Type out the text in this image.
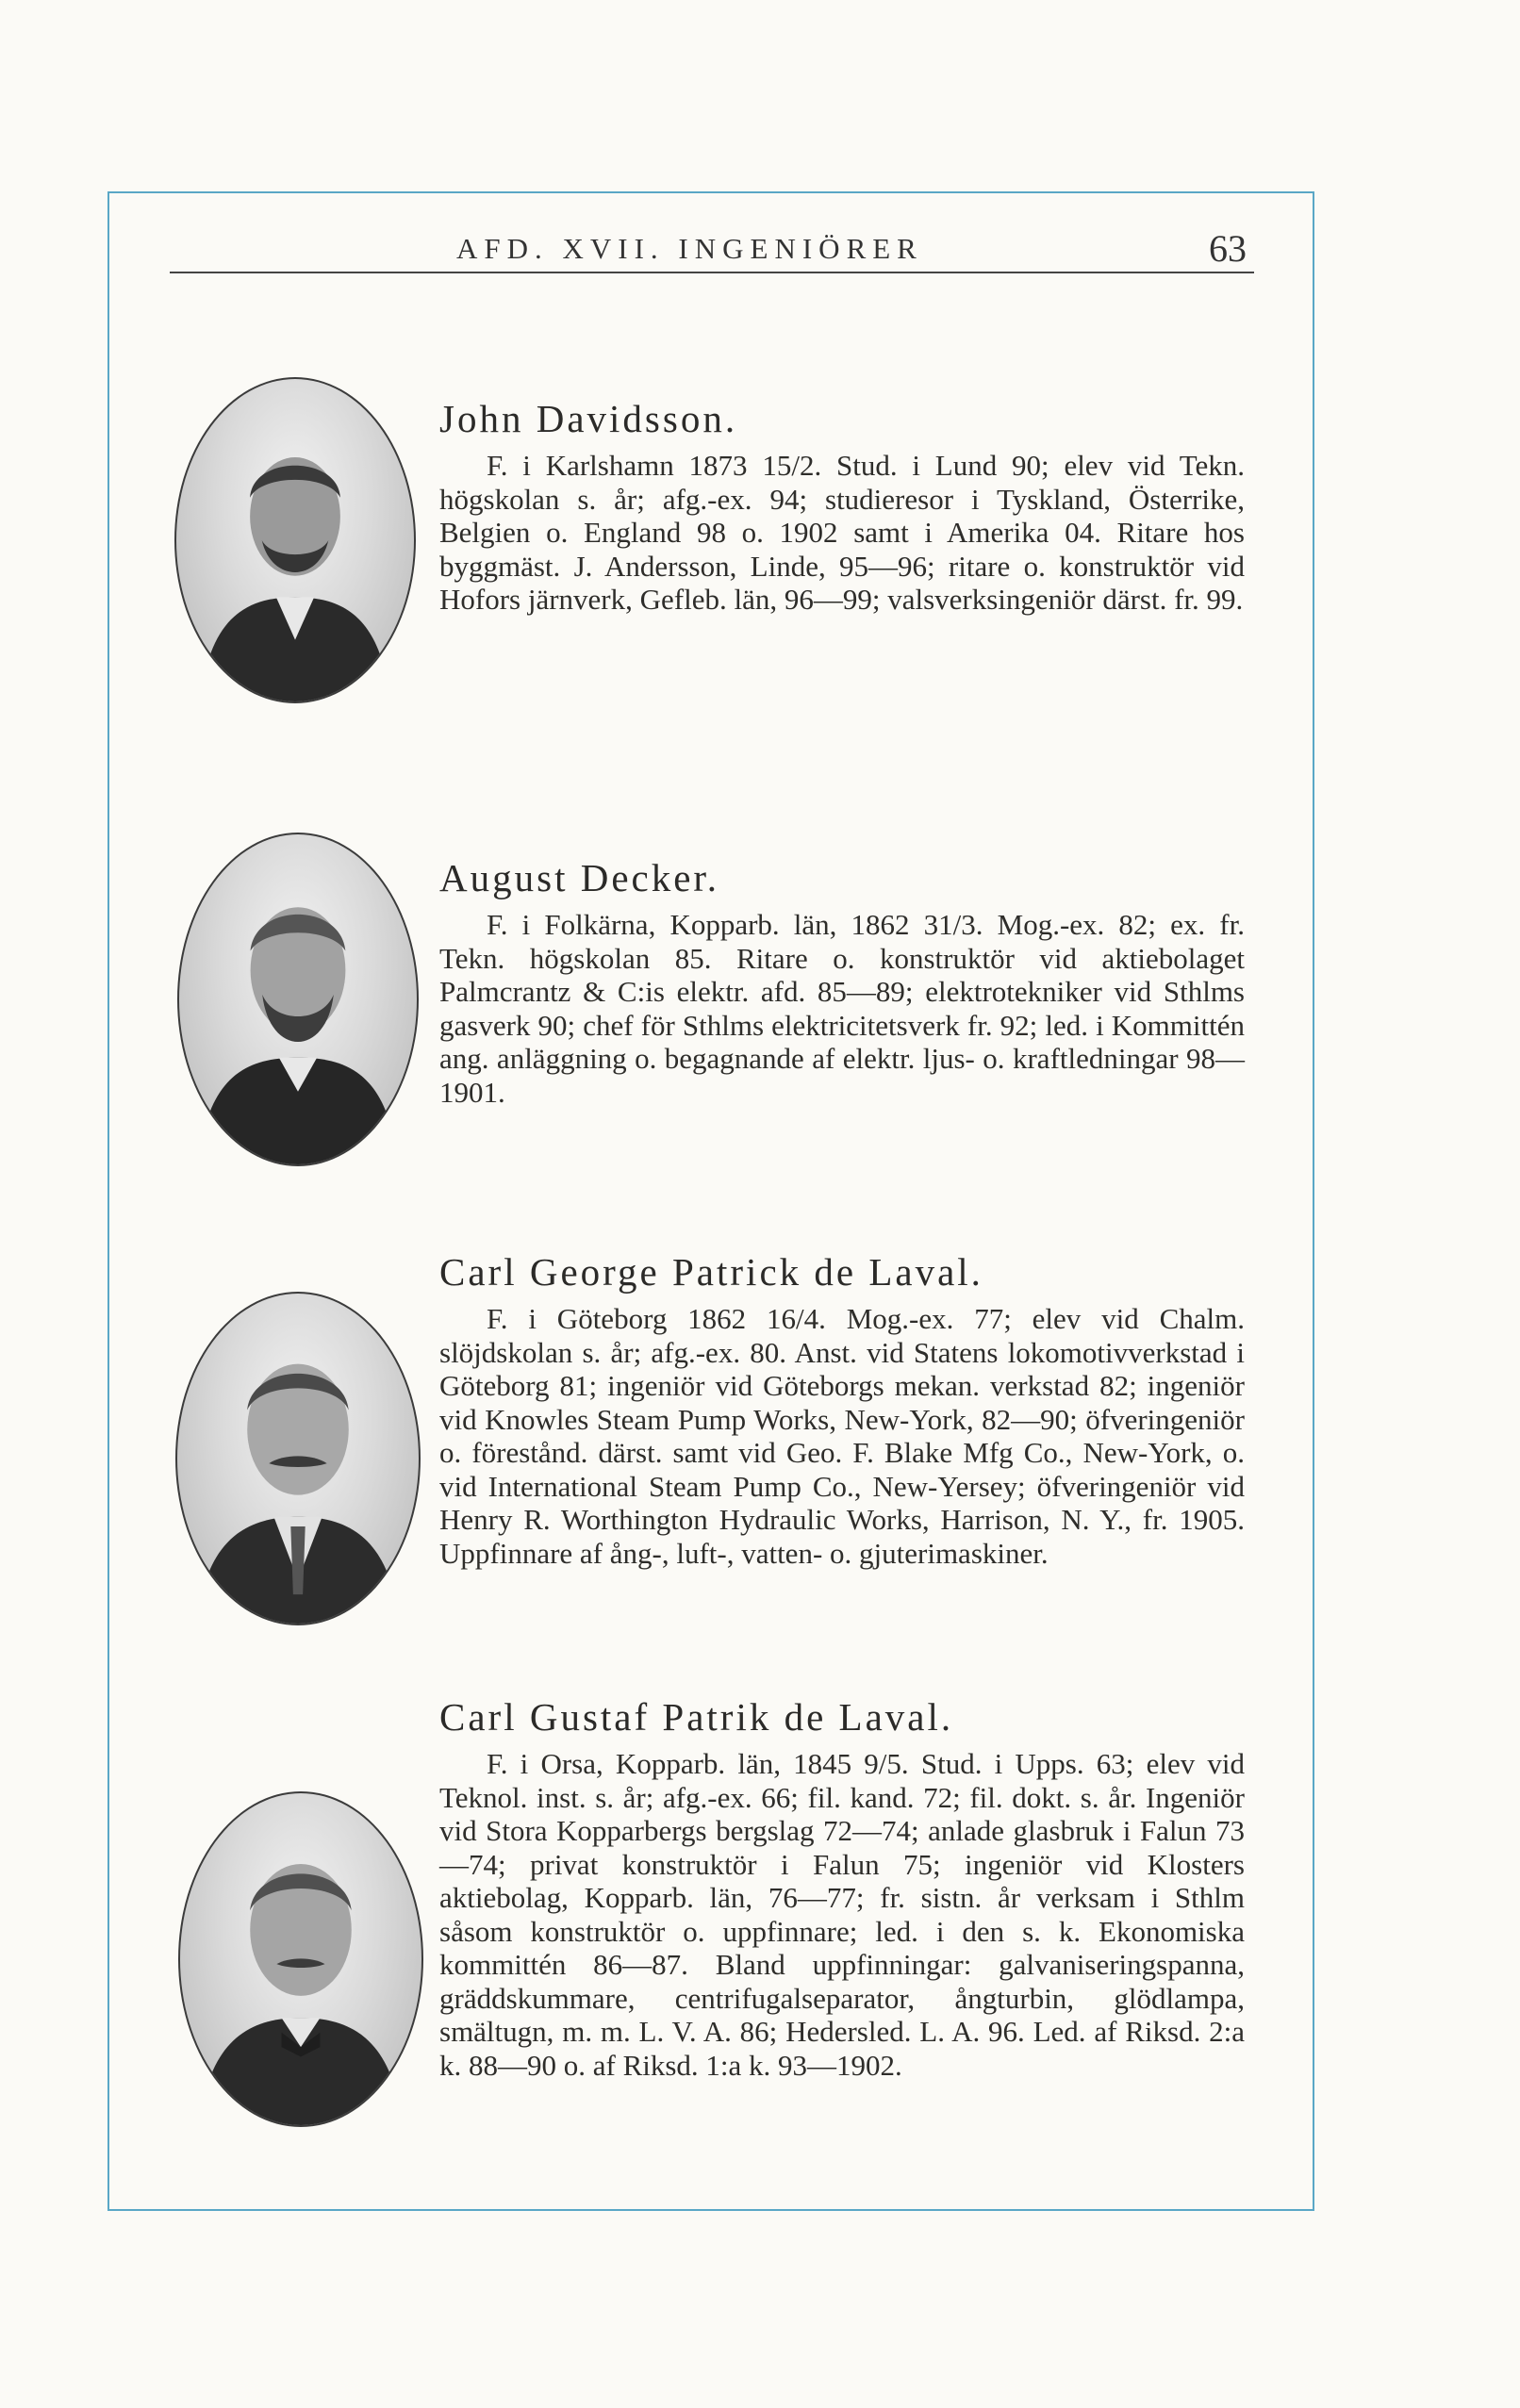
AFD. XVII. INGENIÖRER	63
John Davidsson.
F. i Karlshamn 1873 15/2. Stud. i Lund 90; elev vid Tekn. högskolan s. år; afg.-ex. 94; studieresor i Tyskland, Österrike, Belgien o. England 98 o. 1902 samt i Amerika 04. Ritare hos byggmäst. J. Andersson, Linde, 95—96; ritare o. konstruktör vid Hofors järnverk, Gefleb. län, 96—99; valsverksingeniör därst. fr. 99.
August Decker.
F. i Folkärna, Kopparb. län, 1862 31/3. Mog.-ex. 82; ex. fr. Tekn. högskolan 85. Ritare o. konstruktör vid aktiebolaget Palmcrantz & C:is elektr. afd. 85—89; elektrotekniker vid Sthlms gasverk 90; chef för Sthlms elektricitetsverk fr. 92; led. i Kommittén ang. anläggning o. begagnande af elektr. ljus- o. kraftledningar 98—1901.
Carl George Patrick de Laval.
F. i Göteborg 1862 16/4. Mog.-ex. 77; elev vid Chalm. slöjdskolan s. år; afg.-ex. 80. Anst. vid Statens lokomotivverkstad i Göteborg 81; ingeniör vid Göteborgs mekan. verkstad 82; ingeniör vid Knowles Steam Pump Works, New-York, 82—90; öfveringeniör o. förestånd. därst. samt vid Geo. F. Blake Mfg Co., New-York, o. vid International Steam Pump Co., New-Yersey; öfveringeniör vid Henry R. Worthington Hydraulic Works, Harrison, N. Y., fr. 1905. Uppfinnare af ång-, luft-, vatten- o. gjuterimaskiner.
Carl Gustaf Patrik de Laval.
F. i Orsa, Kopparb. län, 1845 9/5. Stud. i Upps. 63; elev vid Teknol. inst. s. år; afg.-ex. 66; fil. kand. 72; fil. dokt. s. år. Ingeniör vid Stora Kopparbergs bergslag 72—74; anlade glasbruk i Falun 73—74; privat konstruktör i Falun 75; ingeniör vid Klosters aktiebolag, Kopparb. län, 76—77; fr. sistn. år verksam i Sthlm såsom konstruktör o. uppfinnare; led. i den s. k. Ekonomiska kommittén 86—87. Bland uppfinningar: galvaniseringspanna, gräddskummare, centrifugalseparator, ångturbin, glödlampa, smältugn, m. m. L. V. A. 86; Hedersled. L. A. 96. Led. af Riksd. 2:a k. 88—90 o. af Riksd. 1:a k. 93—1902.
